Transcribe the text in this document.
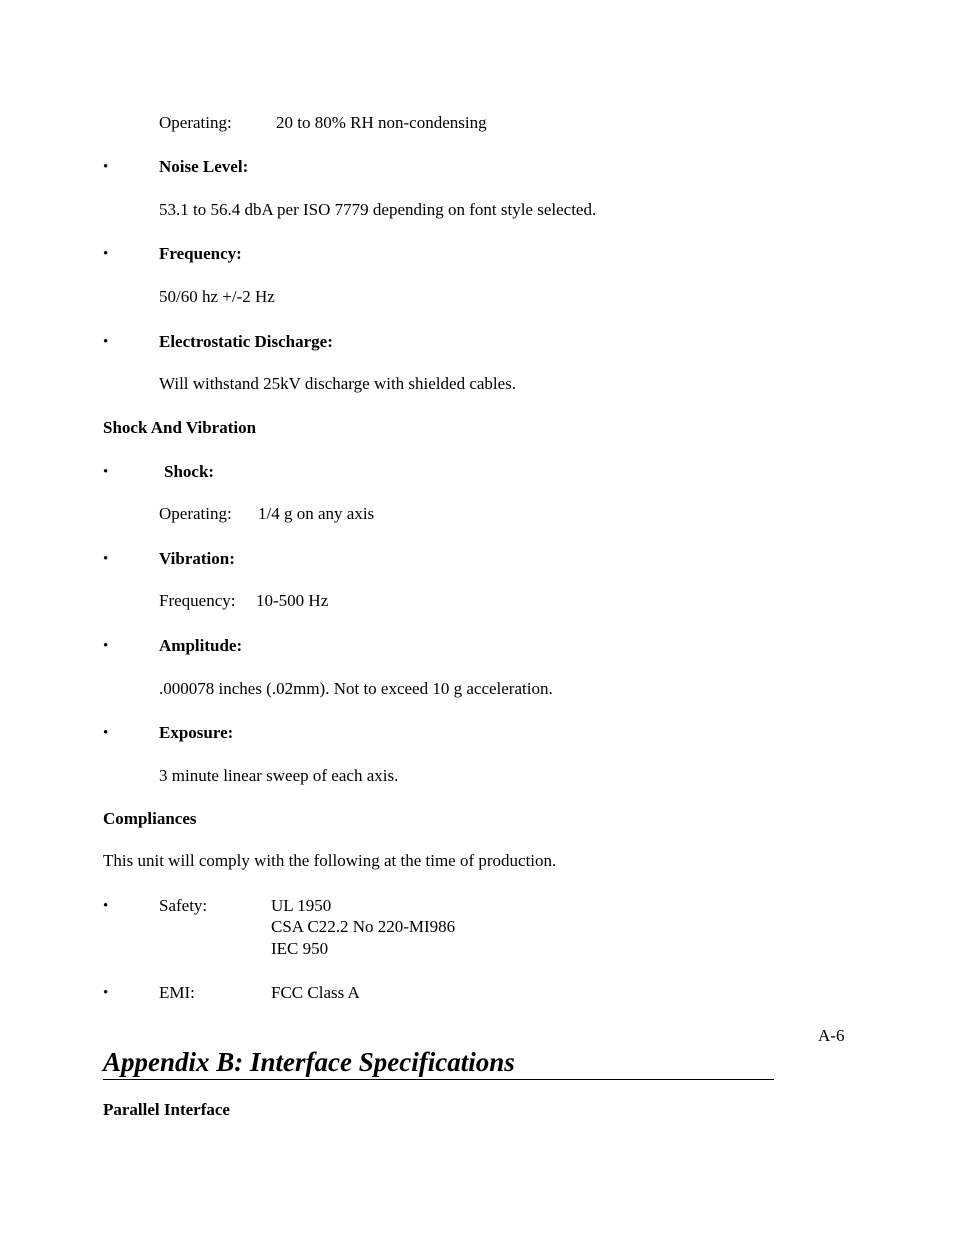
Operating:	20 to 80% RH non-condensing
•	Noise Level:
53.1 to 56.4 dbA per ISO 7779 depending on font style selected.
•	Frequency:
50/60 hz +/-2 Hz
•	Electrostatic Discharge:
Will withstand 25kV discharge with shielded cables.
Shock And Vibration
•	Shock:
Operating: 1/4 g on any axis
•	Vibration:
Frequency: 10-500 Hz
•	Amplitude:
.000078 inches (.02mm). Not to exceed 10 g acceleration.
•	Exposure:
3 minute linear sweep of each axis.
Compliances
This unit will comply with the following at the time of production.
•	Safety:	UL 1950
CSA C22.2 No 220-MI986
IEC 950
•	EMI:	FCC Class A
A-6
Appendix B: Interface Specifications
Parallel Interface
